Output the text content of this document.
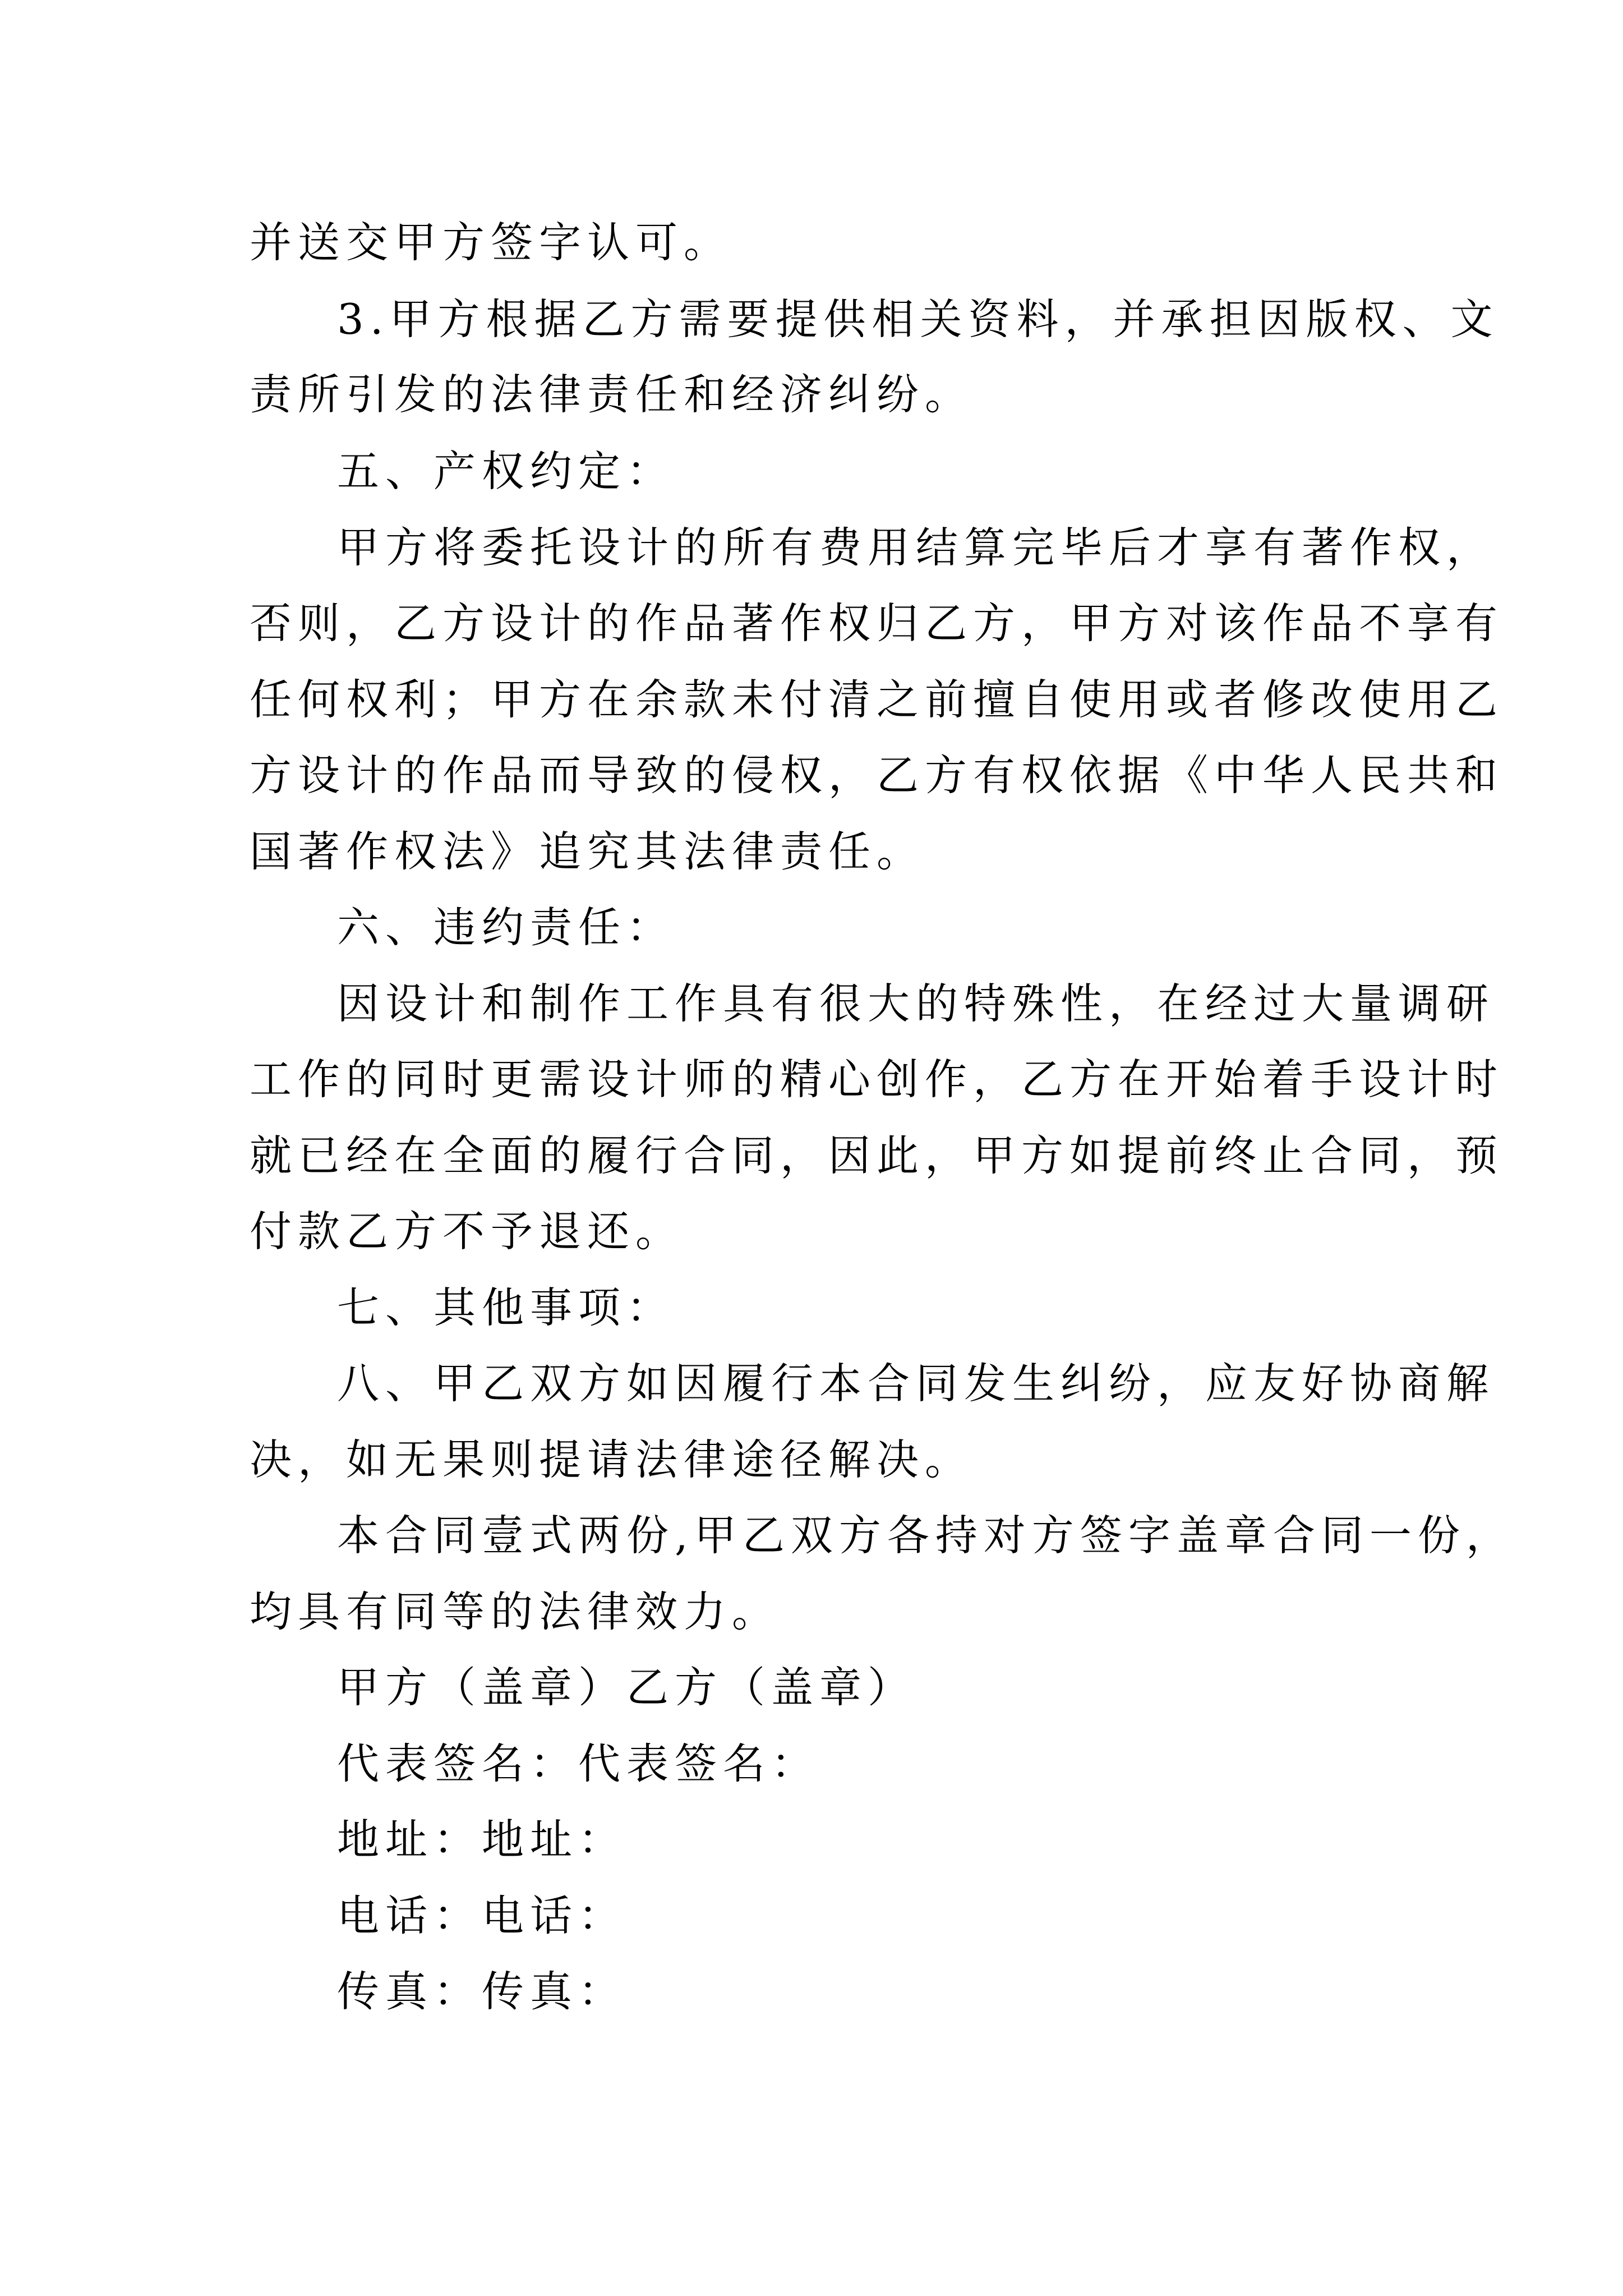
并送交甲方签字认可。

3.甲方根据乙方需要提供相关资料，并承担因版权、文

责所引发的法律责任和经济纠纷。

五、产权约定：

甲方将委托设计的所有费用结算完毕后才享有著作权，

否则，乙方设计的作品著作权归乙方，甲方对该作品不享有

任何权利；甲方在余款未付清之前擅自使用或者修改使用乙

方设计的作品而导致的侵权，乙方有权依据《中华人民共和

国著作权法》追究其法律责任。

六、违约责任：

因设计和制作工作具有很大的特殊性，在经过大量调研

工作的同时更需设计师的精心创作，乙方在开始着手设计时

就已经在全面的履行合同，因此，甲方如提前终止合同，预

付款乙方不予退还。

七、其他事项：

八、甲乙双方如因履行本合同发生纠纷，应友好协商解

决，如无果则提请法律途径解决。

本合同壹式两份,甲乙双方各持对方签字盖章合同一份，

均具有同等的法律效力。

甲方（盖章）乙方（盖章）

代表签名：代表签名：

地址：地址：

电话：电话：

传真：传真：
